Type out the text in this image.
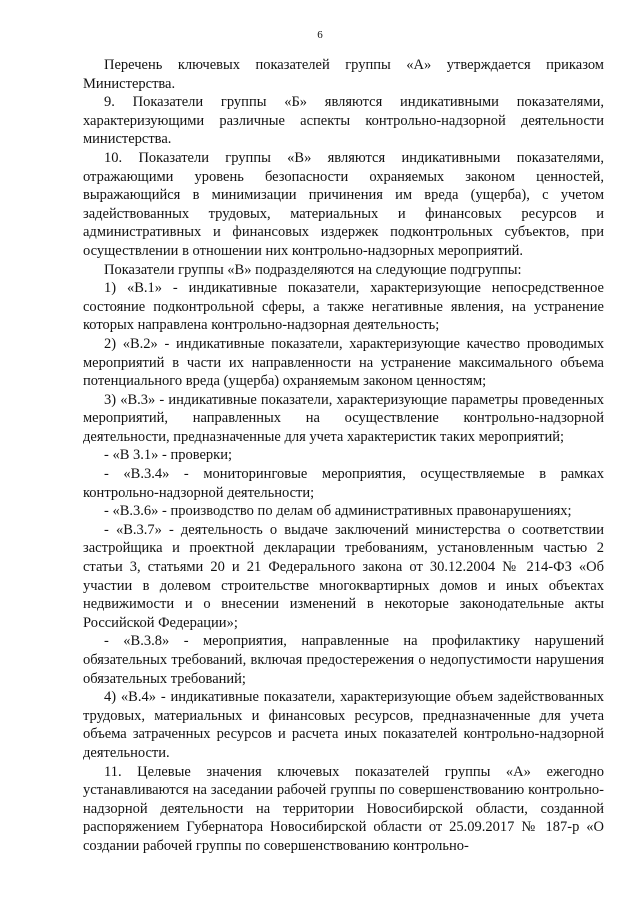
6

Перечень ключевых показателей группы «А» утверждается приказом Министерства.

9. Показатели группы «Б» являются индикативными показателями, характеризующими различные аспекты контрольно-надзорной деятельности министерства.

10. Показатели группы «В» являются индикативными показателями, отражающими уровень безопасности охраняемых законом ценностей, выражающийся в минимизации причинения им вреда (ущерба), с учетом задействованных трудовых, материальных и финансовых ресурсов и административных и финансовых издержек подконтрольных субъектов, при осуществлении в отношении них контрольно-надзорных мероприятий.

Показатели группы «В» подразделяются на следующие подгруппы:

1) «В.1» - индикативные показатели, характеризующие непосредственное состояние подконтрольной сферы, а также негативные явления, на устранение которых направлена контрольно-надзорная деятельность;

2) «В.2» - индикативные показатели, характеризующие качество проводимых мероприятий в части их направленности на устранение максимального объема потенциального вреда (ущерба) охраняемым законом ценностям;

3) «В.3» - индикативные показатели, характеризующие параметры проведенных мероприятий, направленных на осуществление контрольно-надзорной деятельности, предназначенные для учета характеристик таких мероприятий;

- «В 3.1» - проверки;

- «В.3.4» - мониторинговые мероприятия, осуществляемые в рамках контрольно-надзорной деятельности;

- «В.3.6» - производство по делам об административных правонарушениях;

- «В.3.7» - деятельность о выдаче заключений министерства о соответствии застройщика и проектной декларации требованиям, установленным частью 2 статьи 3, статьями 20 и 21 Федерального закона от 30.12.2004 № 214-ФЗ «Об участии в долевом строительстве многоквартирных домов и иных объектах недвижимости и о внесении изменений в некоторые законодательные акты Российской Федерации»;

- «В.3.8» - мероприятия, направленные на профилактику нарушений обязательных требований, включая предостережения о недопустимости нарушения обязательных требований;

4) «В.4» - индикативные показатели, характеризующие объем задействованных трудовых, материальных и финансовых ресурсов, предназначенные для учета объема затраченных ресурсов и расчета иных показателей контрольно-надзорной деятельности.

11. Целевые значения ключевых показателей группы «А» ежегодно устанавливаются на заседании рабочей группы по совершенствованию контрольно-надзорной деятельности на территории Новосибирской области, созданной распоряжением Губернатора Новосибирской области от 25.09.2017 № 187-р «О создании рабочей группы по совершенствованию контрольно-
